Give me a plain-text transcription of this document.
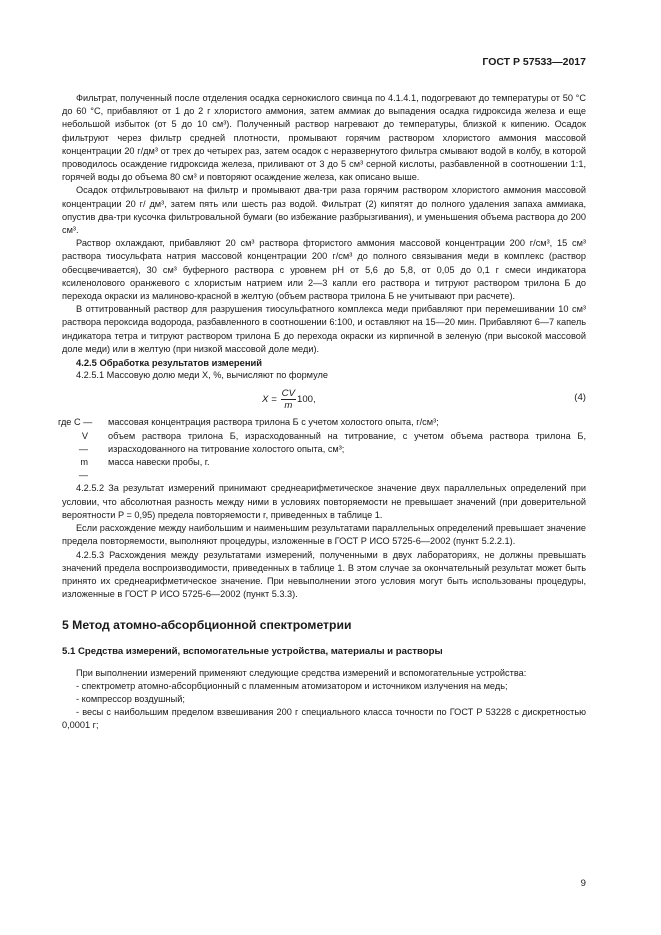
ГОСТ Р 57533—2017

Фильтрат, полученный после отделения осадка сернокислого свинца по 4.1.4.1, подогревают до температуры от 50 °C до 60 °C, прибавляют от 1 до 2 г хлористого аммония, затем аммиак до выпадения осадка гидроксида железа и еще небольшой избыток (от 5 до 10 см³). Полученный раствор нагревают до температуры, близкой к кипению. Осадок фильтруют через фильтр средней плотности, промывают горячим раствором хлористого аммония массовой концентрации 20 г/дм³ от трех до четырех раз, затем осадок с неразвернутого фильтра смывают водой в колбу, в которой проводилось осаждение гидроксида железа, приливают от 3 до 5 см³ серной кислоты, разбавленной в соотношении 1:1, горячей воды до объема 80 см³ и повторяют осаждение железа, как описано выше.

Осадок отфильтровывают на фильтр и промывают два-три раза горячим раствором хлористого аммония массовой концентрации 20 г/ дм³, затем пять или шесть раз водой. Фильтрат (2) кипятят до полного удаления запаха аммиака, опустив два-три кусочка фильтровальной бумаги (во избежание разбрызгивания), и уменьшения объема раствора до 200 см³.

Раствор охлаждают, прибавляют 20 см³ раствора фтористого аммония массовой концентрации 200 г/см³, 15 см³ раствора тиосульфата натрия массовой концентрации 200 г/см³ до полного связывания меди в комплекс (раствор обесцвечивается), 30 см³ буферного раствора с уровнем pH от 5,6 до 5,8, от 0,05 до 0,1 г смеси индикатора ксиленолового оранжевого с хлористым натрием или 2—3 капли его раствора и титруют раствором трилона Б до перехода окраски из малиново-красной в желтую (объем раствора трилона Б не учитывают при расчете).

В оттитрованный раствор для разрушения тиосульфатного комплекса меди прибавляют при перемешивании 10 см³ раствора пероксида водорода, разбавленного в соотношении 6:100, и оставляют на 15—20 мин. Прибавляют 6—7 капель индикатора тетра и титруют раствором трилона Б до перехода окраски из кирпичной в зеленую (при высокой массовой доле меди) или в желтую (при низкой массовой доле меди).

4.2.5 Обработка результатов измерений

4.2.5.1 Массовую долю меди X, %, вычисляют по формуле

$X = \frac{CV}{m} 100$,	(4)
где C —	массовая концентрация раствора трилона Б с учетом холостого опыта, г/см³;
V —
объем раствора трилона Б, израсходованный на титрование, с учетом объема раствора трилона Б, израсходованного на титрование холостого опыта, см³;
m —
масса навески пробы, г.

4.2.5.2 За результат измерений принимают среднеарифметическое значение двух параллельных определений при условии, что абсолютная разность между ними в условиях повторяемости не превышает значений (при доверительной вероятности P = 0,95) предела повторяемости r, приведенных в таблице 1.

Если расхождение между наибольшим и наименьшим результатами параллельных определений превышает значение предела повторяемости, выполняют процедуры, изложенные в ГОСТ Р ИСО 5725-6—2002 (пункт 5.2.2.1).

4.2.5.3 Расхождения между результатами измерений, полученными в двух лабораториях, не должны превышать значений предела воспроизводимости, приведенных в таблице 1. В этом случае за окончательный результат может быть принято их среднеарифметическое значение. При невыполнении этого условия могут быть использованы процедуры, изложенные в ГОСТ Р ИСО 5725-6—2002 (пункт 5.3.3).

5 Метод атомно-абсорбционной спектрометрии
5.1 Средства измерений, вспомогательные устройства, материалы и растворы

При выполнении измерений применяют следующие средства измерений и вспомогательные устройства:

- спектрометр атомно-абсорбционный с пламенным атомизатором и источником излучения на медь;

- компрессор воздушный;

- весы с наибольшим пределом взвешивания 200 г специального класса точности по ГОСТ Р 53228 с дискретностью 0,0001 г;

9
